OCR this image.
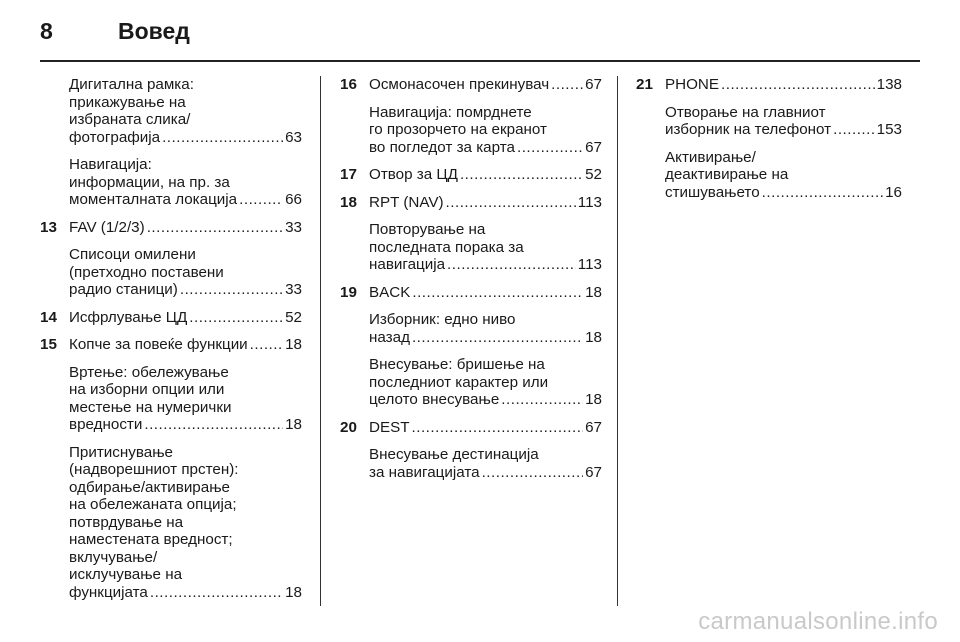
8	Вовед
Дигитална рамка:
прикажување на
избраната слика/
фотографија .....	63
Навигација:
информации, на пр. за
моменталната локација .....	66
13 FAV (1/2/3) .....	33
Списоци омилени
(претходно поставени
радио станици) .....	33
14 Исфрлување ЦД .....	52
15 Копче за повеќе функции ..... 18
Вртење: обележување
на изборни опции или
местење на нумерички
вредности .....	18
Притиснување
(надворешниот прстен):
одбирање/активирање
на обележаната опција;
потврдување на
наместената вредност;
вклучување/
исклучување на
функцијата .....	18
16 Осмонасочен прекинувач ..... 67
Навигација: помрднете
го прозорчето на екранот
во погледот за карта .....	67
17 Отвор за ЦД .....	52
18 RPT (NAV) .....	113
Повторување на
последната порака за
навигација .....	113
19 BACK .....	18
Изборник: едно ниво
назад .....	18
Внесување: бришење на
последниот карактер или
целото внесување .....	18
20 DEST .....	67
Внесување дестинација
за навигацијата .....	67
21 PHONE .....	138
Отворање на главниот
изборник на телефонот .....	153
Активирање/
деактивирање на
стишувањето .....	16
carmanualsonline.info
